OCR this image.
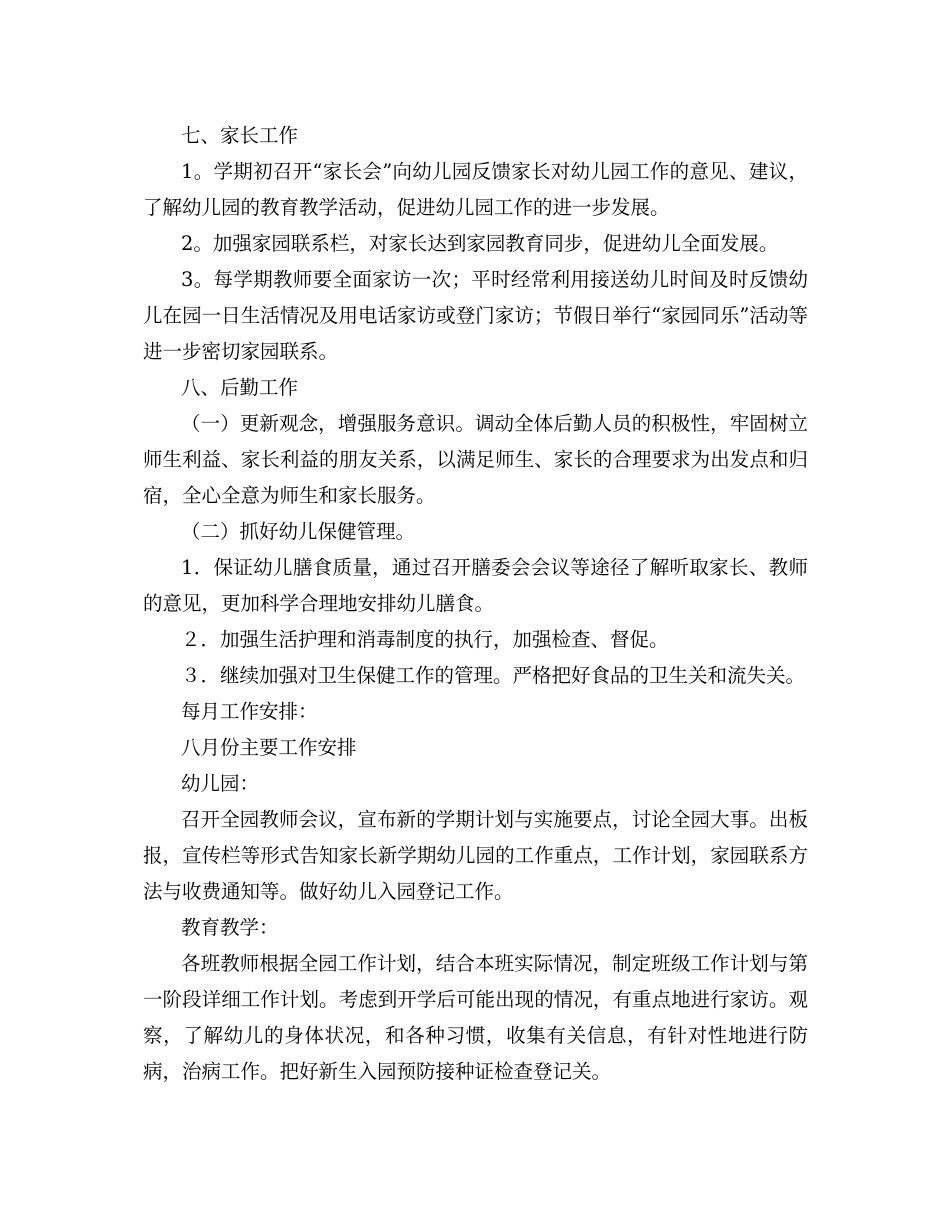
七、家长工作

1。学期初召开“家长会”向幼儿园反馈家长对幼儿园工作的意见、建议，了解幼儿园的教育教学活动，促进幼儿园工作的进一步发展。

2。加强家园联系栏，对家长达到家园教育同步，促进幼儿全面发展。

3。每学期教师要全面家访一次；平时经常利用接送幼儿时间及时反馈幼儿在园一日生活情况及用电话家访或登门家访；节假日举行“家园同乐”活动等进一步密切家园联系。

八、后勤工作

（一）更新观念，增强服务意识。调动全体后勤人员的积极性，牢固树立师生利益、家长利益的朋友关系，以满足师生、家长的合理要求为出发点和归宿，全心全意为师生和家长服务。

（二）抓好幼儿保健管理。

1．保证幼儿膳食质量，通过召开膳委会会议等途径了解听取家长、教师的意见，更加科学合理地安排幼儿膳食。

２．加强生活护理和消毒制度的执行，加强检查、督促。

３．继续加强对卫生保健工作的管理。严格把好食品的卫生关和流失关。

每月工作安排：

八月份主要工作安排

幼儿园：

召开全园教师会议，宣布新的学期计划与实施要点，讨论全园大事。出板报，宣传栏等形式告知家长新学期幼儿园的工作重点，工作计划，家园联系方法与收费通知等。做好幼儿入园登记工作。

教育教学：

各班教师根据全园工作计划，结合本班实际情况，制定班级工作计划与第一阶段详细工作计划。考虑到开学后可能出现的情况，有重点地进行家访。观察，了解幼儿的身体状况，和各种习惯，收集有关信息，有针对性地进行防病，治病工作。把好新生入园预防接种证检查登记关。
